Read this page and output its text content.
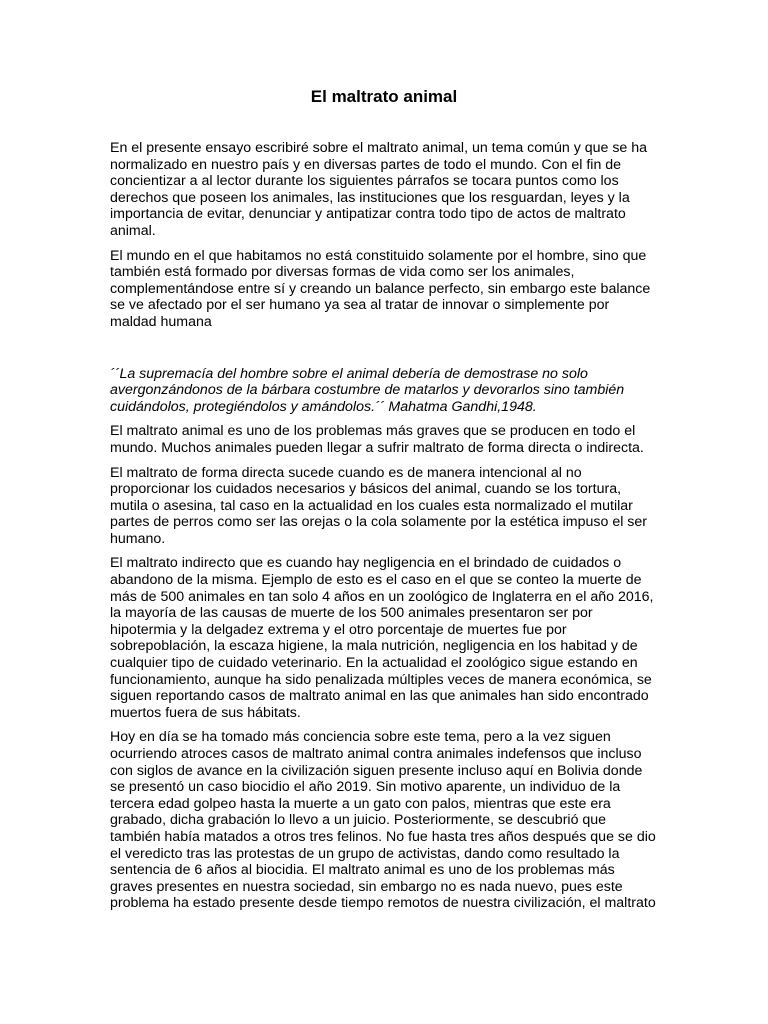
El maltrato animal

En el presente ensayo escribiré sobre el maltrato animal, un tema común y que se ha
normalizado en nuestro país y en diversas partes de todo el mundo. Con el fin de
concientizar a al lector durante los siguientes párrafos se tocara puntos como los
derechos que poseen los animales, las instituciones que los resguardan, leyes y la
importancia de evitar, denunciar y antipatizar contra todo tipo de actos de maltrato
animal.

El mundo en el que habitamos no está constituido solamente por el hombre, sino que
también está formado por diversas formas de vida como ser los animales,
complementándose entre sí y creando un balance perfecto, sin embargo este balance
se ve afectado por el ser humano ya sea al tratar de innovar o simplemente por
maldad humana

´´La supremacía del hombre sobre el animal debería de demostrase no solo
avergonzándonos de la bárbara costumbre de matarlos y devorarlos sino también
cuidándolos, protegiéndolos y amándolos.´´ Mahatma Gandhi,1948.

El maltrato animal es uno de los problemas más graves que se producen en todo el
mundo. Muchos animales pueden llegar a sufrir maltrato de forma directa o indirecta.

El maltrato de forma directa sucede cuando es de manera intencional al no
proporcionar los cuidados necesarios y básicos del animal, cuando se los tortura,
mutila o asesina, tal caso en la actualidad en los cuales esta normalizado el mutilar
partes de perros como ser las orejas o la cola solamente por la estética impuso el ser
humano.

El maltrato indirecto que es cuando hay negligencia en el brindado de cuidados o
abandono de la misma. Ejemplo de esto es el caso en el que se conteo la muerte de
más de 500 animales en tan solo 4 años en un zoológico de Inglaterra en el año 2016,
la mayoría de las causas de muerte de los 500 animales presentaron ser por
hipotermia y la delgadez extrema y el otro porcentaje de muertes fue por
sobrepoblación, la escaza higiene, la mala nutrición, negligencia en los habitad y de
cualquier tipo de cuidado veterinario. En la actualidad el zoológico sigue estando en
funcionamiento, aunque ha sido penalizada múltiples veces de manera económica, se
siguen reportando casos de maltrato animal en las que animales han sido encontrado
muertos fuera de sus hábitats.

Hoy en día se ha tomado más conciencia sobre este tema, pero a la vez siguen
ocurriendo atroces casos de maltrato animal contra animales indefensos que incluso
con siglos de avance en la civilización siguen presente incluso aquí en Bolivia donde
se presentó un caso biocidio el año 2019. Sin motivo aparente, un individuo de la
tercera edad golpeo hasta la muerte a un gato con palos, mientras que este era
grabado, dicha grabación lo llevo a un juicio. Posteriormente, se descubrió que
también había matados a otros tres felinos. No fue hasta tres años después que se dio
el veredicto tras las protestas de un grupo de activistas, dando como resultado la
sentencia de 6 años al biocidia. El maltrato animal es uno de los problemas más
graves presentes en nuestra sociedad, sin embargo no es nada nuevo, pues este
problema ha estado presente desde tiempo remotos de nuestra civilización, el maltrato
